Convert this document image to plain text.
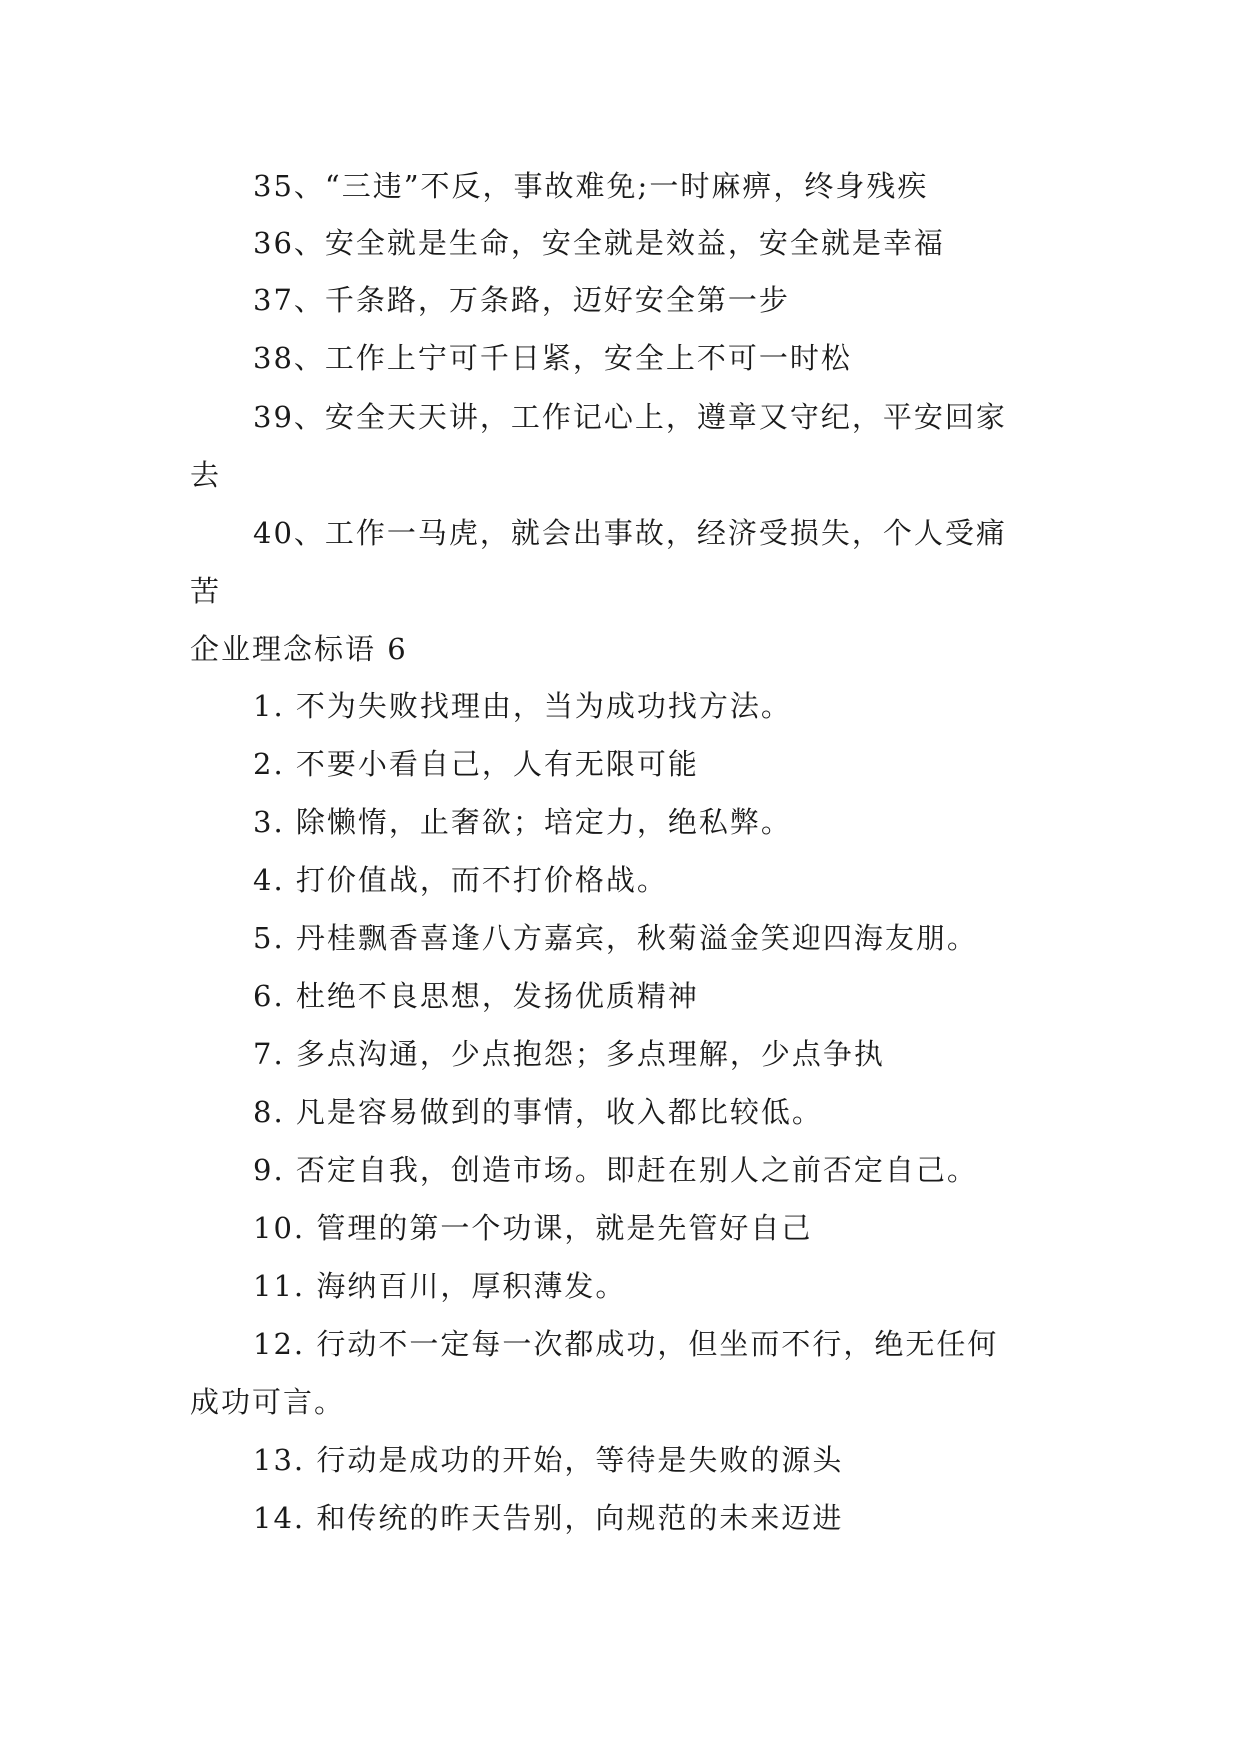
35、“三违”不反，事故难免;一时麻痹，终身残疾

36、安全就是生命，安全就是效益，安全就是幸福

37、千条路，万条路，迈好安全第一步

38、工作上宁可千日紧，安全上不可一时松

39、安全天天讲，工作记心上，遵章又守纪，平安回家

去

40、工作一马虎，就会出事故，经济受损失，个人受痛

苦

企业理念标语 6

1. 不为失败找理由，当为成功找方法。

2. 不要小看自己，人有无限可能

3. 除懒惰，止奢欲；培定力，绝私弊。

4. 打价值战，而不打价格战。

5. 丹桂飘香喜逢八方嘉宾，秋菊溢金笑迎四海友朋。

6. 杜绝不良思想，发扬优质精神

7. 多点沟通，少点抱怨；多点理解，少点争执

8. 凡是容易做到的事情，收入都比较低。

9. 否定自我，创造市场。即赶在别人之前否定自己。

10. 管理的第一个功课，就是先管好自己

11. 海纳百川，厚积薄发。

12. 行动不一定每一次都成功，但坐而不行，绝无任何

成功可言。

13. 行动是成功的开始，等待是失败的源头

14. 和传统的昨天告别，向规范的未来迈进
